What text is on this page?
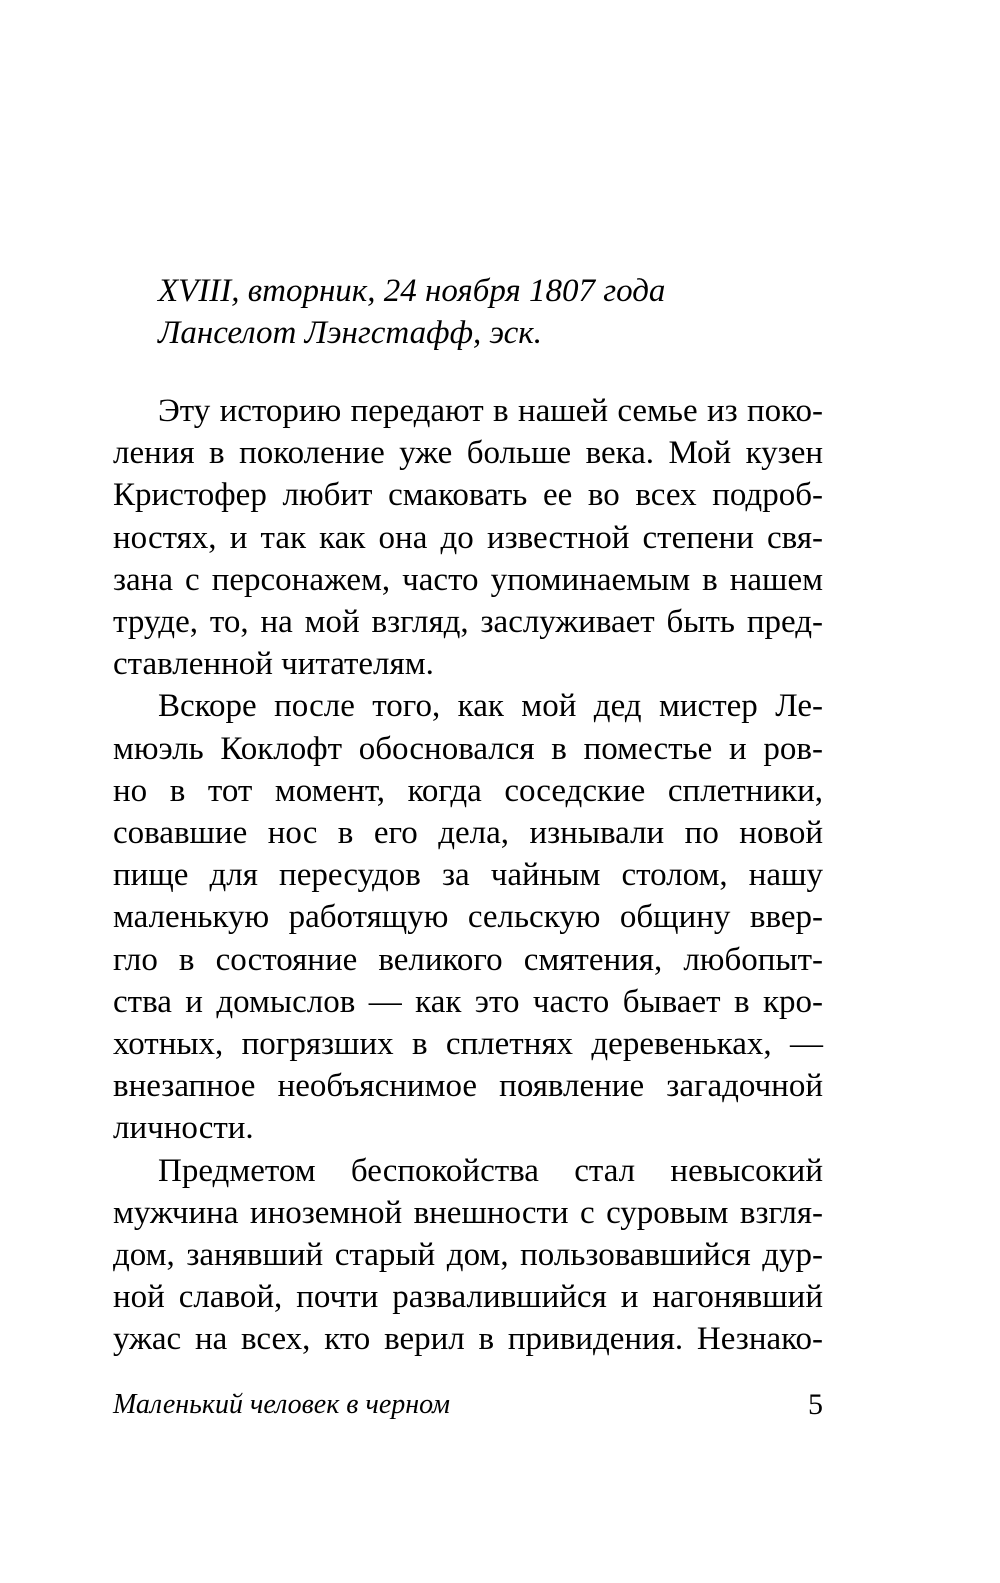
XVIII, вторник, 24 ноября 1807 года
Ланселот Лэнгстафф, эск.
Эту историю передают в нашей семье из поко-
ления в поколение уже больше века. Мой кузен
Кристофер любит смаковать ее во всех подроб-
ностях, и так как она до известной степени свя-
зана с персонажем, часто упоминаемым в нашем
труде, то, на мой взгляд, заслуживает быть пред-
ставленной читателям.
Вскоре после того, как мой дед мистер Ле-
мюэль Коклофт обосновался в поместье и ров-
но в тот момент, когда соседские сплетники,
совавшие нос в его дела, изнывали по новой
пище для пересудов за чайным столом, нашу
маленькую работящую сельскую общину ввер-
гло в состояние великого смятения, любопыт-
ства и домыслов — как это часто бывает в кро-
хотных, погрязших в сплетнях деревеньках, —
внезапное необъяснимое появление загадочной
личности.
Предметом беспокойства стал невысокий
мужчина иноземной внешности с суровым взгля-
дом, занявший старый дом, пользовавшийся дур-
ной славой, почти развалившийся и нагонявший
ужас на всех, кто верил в привидения. Незнако-
Маленький человек в черном	5
